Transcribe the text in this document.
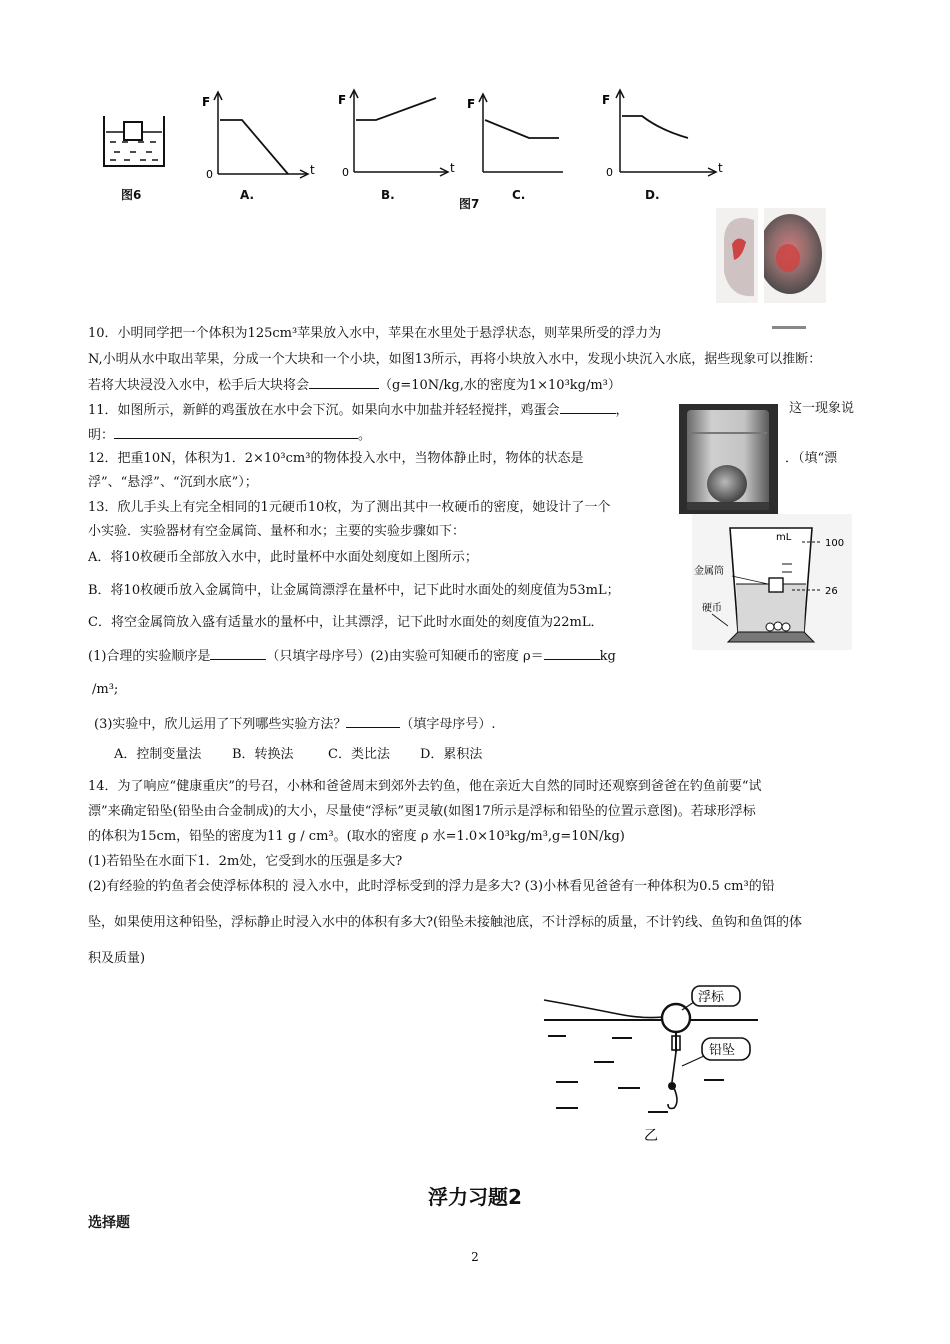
图6
F
0	t
A.
F
0	t
B.
F
图7
C.
F
0	t
D.
10．小明同学把一个体积为125cm³苹果放入水中，苹果在水里处于悬浮状态，则苹果所受的浮力为
N,小明从水中取出苹果，分成一个大块和一个小块，如图13所示，再将小块放入水中，发现小块沉入水底，据些现象可以推断：
若将大块浸没入水中，松手后大块将会	（g=10N/kg,水的密度为1×10³kg/m³）
11．如图所示，新鲜的鸡蛋放在水中会下沉。如果向水中加盐并轻轻搅拌，鸡蛋会	，	这一现象说
明：	。
12．把重10N，体积为1．2×10³cm³的物体投入水中，当物体静止时，物体的状态是	．（填“漂
浮”、“悬浮”、“沉到水底”）；
mL
100
26
金属筒
硬币
13．欣儿手头上有完全相同的1元硬币10枚，为了测出其中一枚硬币的密度，她设计了一个
小实验．实验器材有空金属筒、量杯和水；主要的实验步骤如下：
A．将10枚硬币全部放入水中，此时量杯中水面处刻度如上图所示；
B．将10枚硬币放入金属筒中，让金属筒漂浮在量杯中，记下此时水面处的刻度值为53mL；
C．将空金属筒放入盛有适量水的量杯中，让其漂浮，记下此时水面处的刻度值为22mL．
(1)合理的实验顺序是	（只填字母序号）(2)由实验可知硬币的密度 ρ＝	kg
/m³;
(3)实验中，欣儿运用了下列哪些实验方法？	（填字母序号）.
A．控制变量法 B．转换法	C．类比法 D．累积法
14．为了响应“健康重庆”的号召，小林和爸爸周末到郊外去钓鱼，他在亲近大自然的同时还观察到爸爸在钓鱼前要“试
漂”来确定铅坠(铅坠由合金制成)的大小，尽量使“浮标”更灵敏(如图17所示是浮标和铅坠的位置示意图)。若球形浮标
的体积为15cm，铅坠的密度为11 g / cm³。(取水的密度 ρ 水=1.0×10³kg/m³,g=10N/kg)
(1)若铅坠在水面下1．2m处，它受到水的压强是多大?
(2)有经验的钓鱼者会使浮标体积的 浸入水中，此时浮标受到的浮力是多大? (3)小林看见爸爸有一种体积为0.5 cm³的铅
坠，如果使用这种铅坠，浮标静止时浸入水中的体积有多大?(铅坠未接触池底，不计浮标的质量，不计钓线、鱼钩和鱼饵的体
积及质量)
浮标
铅坠
乙
浮力习题2
选择题
2
